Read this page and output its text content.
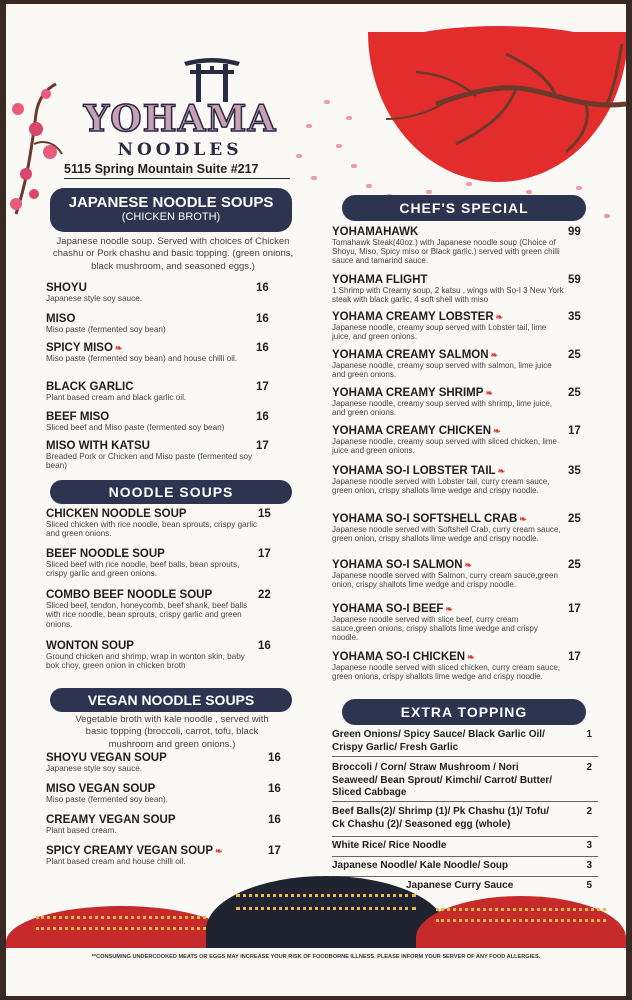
YOHAMA
NOODLES
5115 Spring Mountain Suite #217
JAPANESE NOODLE SOUPS
(CHICKEN BROTH)
Japanese noodle soup. Served with choices of Chicken chashu or Pork chashu and basic topping. (green onions, black mushroom, and seasoned eggs.)
SHOYU
Japanese style soy sauce.
16
MISO
Miso paste (fermented soy bean)
16
SPICY MISO ❧
Miso paste (fermented soy bean) and house chilli oil.
16
BLACK GARLIC
Plant based cream and black garlic oil.
17
BEEF MISO
Sliced beef and Miso paste (fermented soy bean)
16
MISO WITH KATSU
Breaded Pork or Chicken and Miso paste (fermented soy bean)
17
NOODLE SOUPS
CHICKEN NOODLE SOUP
Sliced chicken with rice noodle, bean sprouts, crispy garlic and green onions.
15
BEEF NOODLE SOUP
Sliced beef with rice noodle, beef balls, bean sprouts, crispy garlic and green onions.
17
COMBO BEEF NOODLE SOUP
Sliced beef, tendon, honeycomb, beef shank, beef balls with rice noodle, bean sprouts, crispy garlic and green onions.
22
WONTON SOUP
Ground chicken and shrimp, wrap in wonton skin, baby bok choy, green onion in chicken broth
16
VEGAN NOODLE SOUPS
Vegetable broth with kale noodle , served with basic topping (broccoli, carrot, tofu, black mushroom and green onions.)
SHOYU VEGAN SOUP
Japanese style soy sauce.
16
MISO VEGAN SOUP
Miso paste (fermented soy bean).
16
CREAMY VEGAN SOUP
Plant based cream.
16
SPICY CREAMY VEGAN SOUP ❧
Plant based cream and house chilli oil.
17
CHEF'S SPECIAL
YOHAMAHAWK
Tomahawk Steak(40oz.) with Japanese noodle soup (Choice of Shoyu, Miso, Spicy miso or Black garlic.) served with green chilli sauce and tamarind sauce.
99
YOHAMA FLIGHT
1 Shrimp with Creamy soup, 2 katsu , wings with So-I 3 New York steak with black garlic, 4 soft shell with miso
59
YOHAMA CREAMY LOBSTER ❧
Japanese noodle, creamy soup served with Lobster tail, lime juice, and green onions.
35
YOHAMA CREAMY SALMON ❧
Japanese noodle, creamy soup served with salmon, lime juice and green onions.
25
YOHAMA CREAMY SHRIMP ❧
Japanese noodle, creamy soup served with shrimp, lime juice, and green onions.
25
YOHAMA CREAMY CHICKEN ❧
Japanese noodle, creamy soup served with sliced chicken, lime juice and green onions.
17
YOHAMA SO-I LOBSTER TAIL ❧
Japanese noodle served with Lobster tail, curry cream sauce, green onion, crispy shallots lime wedge and crispy noodle.
35
YOHAMA SO-I SOFTSHELL CRAB ❧
Japanese noodle served with Softshell Crab, curry cream sauce, green onion, crispy shallots lime wedge and crispy noodle.
25
YOHAMA SO-I SALMON ❧
Japanese noodle served with Salmon, curry cream sauce,green onion, crispy shallots lime wedge and crispy noodle.
25
YOHAMA SO-I BEEF ❧
Japanese noodle served with slice beef, curry cream sauce,green onions, crispy shallots lime wedge and crispy noodle.
17
YOHAMA SO-I CHICKEN ❧
Japanese noodle served with sliced chicken, curry cream sauce, green onions, crispy shallots lime wedge and crispy noodle.
17
EXTRA TOPPING
Green Onions/ Spicy Sauce/ Black Garlic Oil/ Crispy Garlic/ Fresh Garlic
1
Broccoli / Corn/ Straw Mushroom / Nori Seaweed/ Bean Sprout/ Kimchi/ Carrot/ Butter/ Sliced Cabbage
2
Beef Balls(2)/ Shrimp (1)/ Pk Chashu (1)/ Tofu/ Ck Chashu (2)/ Seasoned egg (whole)
2
White Rice/ Rice Noodle	3
Japanese Noodle/ Kale Noodle/ Soup	3
Japanese Curry Sauce	5
**CONSUMING UNDERCOOKED MEATS OR EGGS MAY INCREASE YOUR RISK OF FOODBORNE ILLNESS. PLEASE INFORM YOUR SERVER OF ANY FOOD ALLERGIES.
